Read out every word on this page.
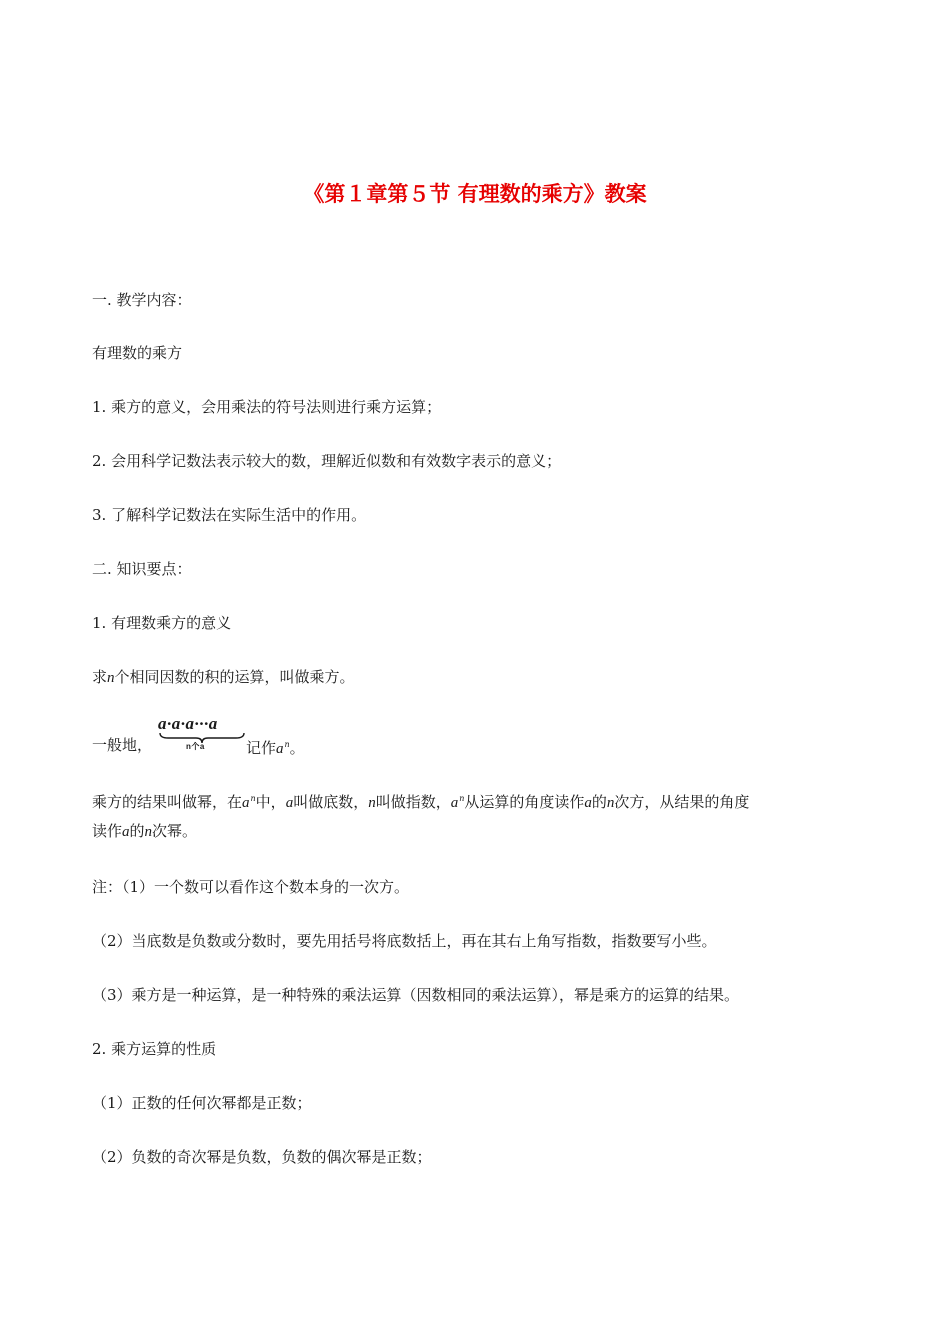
《第１章第５节 有理数的乘方》教案
一. 教学内容：
有理数的乘方
1. 乘方的意义，会用乘法的符号法则进行乘方运算；
2. 会用科学记数法表示较大的数，理解近似数和有效数字表示的意义；
3. 了解科学记数法在实际生活中的作用。
二. 知识要点：
1. 有理数乘方的意义
求n个相同因数的积的运算，叫做乘方。
一般地，
a·a·a···a
n个a	记作$a^n$。
乘方的结果叫做幂，在$a^n$中，a叫做底数，n叫做指数，$a^n$从运算的角度读作a的n次方，从结果的角度
读作a的n次幂。
注：（1）一个数可以看作这个数本身的一次方。
（2）当底数是负数或分数时，要先用括号将底数括上，再在其右上角写指数，指数要写小些。
（3）乘方是一种运算，是一种特殊的乘法运算（因数相同的乘法运算），幂是乘方的运算的结果。
2. 乘方运算的性质
（1）正数的任何次幂都是正数；
（2）负数的奇次幂是负数，负数的偶次幂是正数；
